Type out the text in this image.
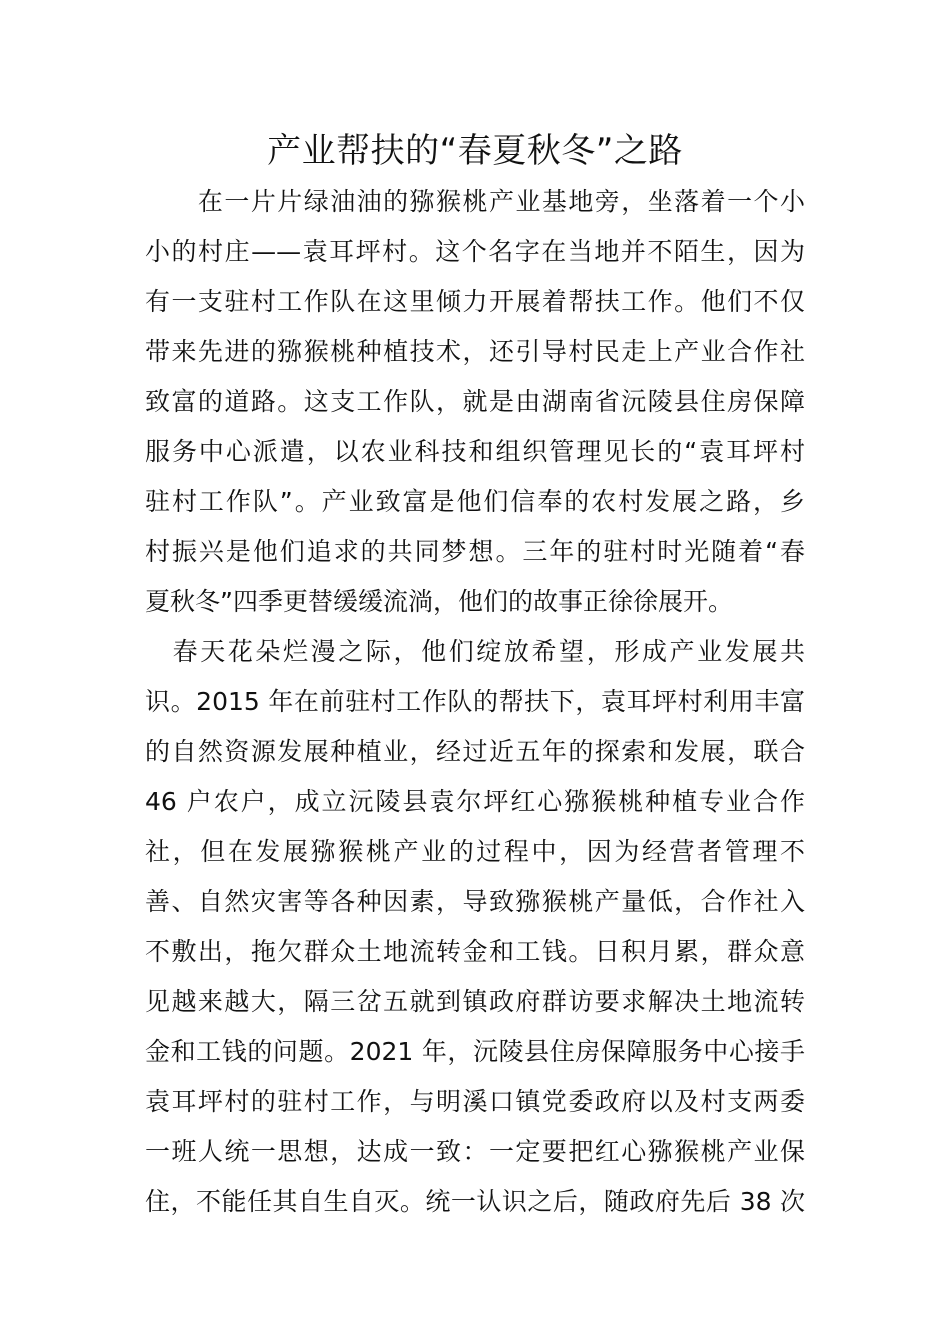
产业帮扶的“春夏秋冬”之路

　　在一片片绿油油的猕猴桃产业基地旁，坐落着一个小

小的村庄——袁耳坪村。这个名字在当地并不陌生，因为

有一支驻村工作队在这里倾力开展着帮扶工作。他们不仅

带来先进的猕猴桃种植技术，还引导村民走上产业合作社

致富的道路。这支工作队，就是由湖南省沅陵县住房保障

服务中心派遣，以农业科技和组织管理见长的“袁耳坪村

驻村工作队”。产业致富是他们信奉的农村发展之路，乡

村振兴是他们追求的共同梦想。三年的驻村时光随着“春

夏秋冬”四季更替缓缓流淌，他们的故事正徐徐展开。

　春天花朵烂漫之际，他们绽放希望，形成产业发展共

识。2015 年在前驻村工作队的帮扶下，袁耳坪村利用丰富

的自然资源发展种植业，经过近五年的探索和发展，联合

46 户农户，成立沅陵县袁尔坪红心猕猴桃种植专业合作

社，但在发展猕猴桃产业的过程中，因为经营者管理不

善、自然灾害等各种因素，导致猕猴桃产量低，合作社入

不敷出，拖欠群众土地流转金和工钱。日积月累，群众意

见越来越大，隔三岔五就到镇政府群访要求解决土地流转

金和工钱的问题。2021 年，沅陵县住房保障服务中心接手

袁耳坪村的驻村工作，与明溪口镇党委政府以及村支两委

一班人统一思想，达成一致：一定要把红心猕猴桃产业保

住，不能任其自生自灭。统一认识之后，随政府先后 38 次
